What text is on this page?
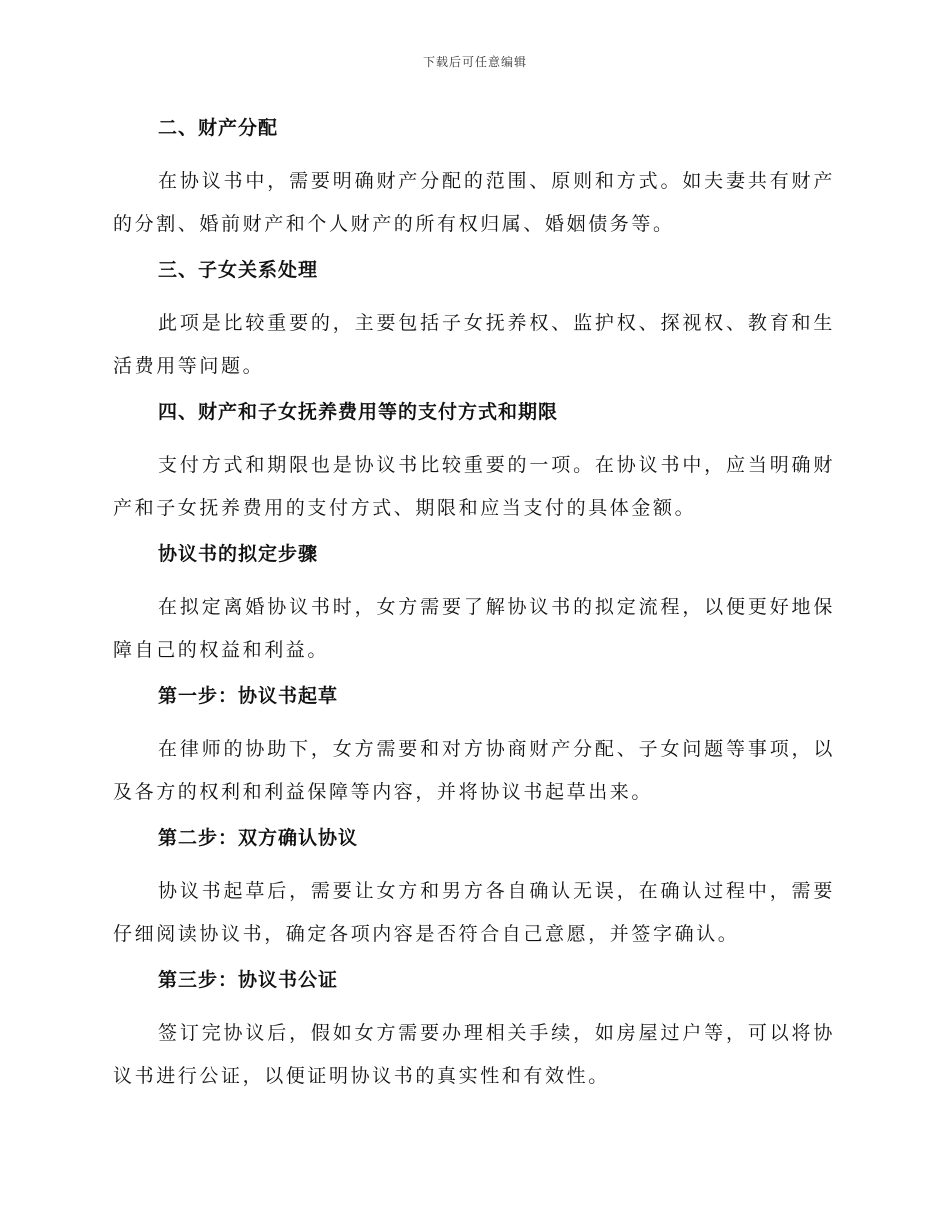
下载后可任意编辑
二、财产分配

在协议书中，需要明确财产分配的范围、原则和方式。如夫妻共有财产的分割、婚前财产和个人财产的所有权归属、婚姻债务等。

三、子女关系处理

此项是比较重要的，主要包括子女抚养权、监护权、探视权、教育和生活费用等问题。

四、财产和子女抚养费用等的支付方式和期限

支付方式和期限也是协议书比较重要的一项。在协议书中，应当明确财产和子女抚养费用的支付方式、期限和应当支付的具体金额。

协议书的拟定步骤

在拟定离婚协议书时，女方需要了解协议书的拟定流程，以便更好地保障自己的权益和利益。

第一步：协议书起草

在律师的协助下，女方需要和对方协商财产分配、子女问题等事项，以及各方的权利和利益保障等内容，并将协议书起草出来。

第二步：双方确认协议

协议书起草后，需要让女方和男方各自确认无误，在确认过程中，需要仔细阅读协议书，确定各项内容是否符合自己意愿，并签字确认。

第三步：协议书公证

签订完协议后，假如女方需要办理相关手续，如房屋过户等，可以将协议书进行公证，以便证明协议书的真实性和有效性。
